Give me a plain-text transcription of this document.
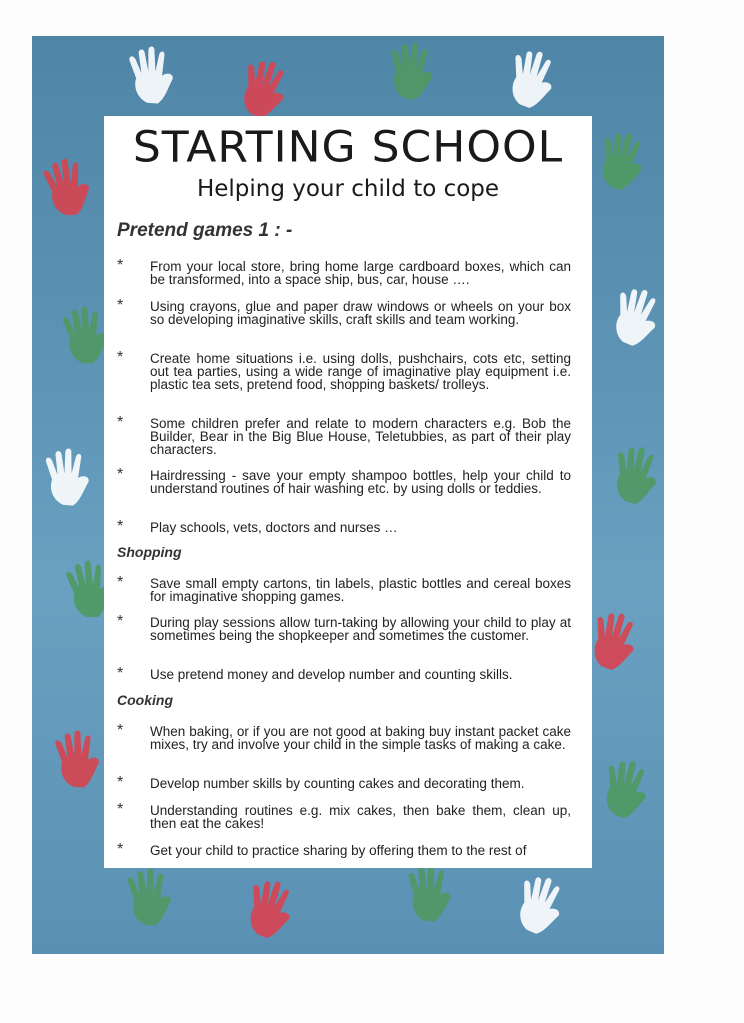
STARTING SCHOOL
Helping your child to cope
Pretend games 1 : -
* From your local store, bring home large cardboard boxes, which can be transformed, into a space ship, bus, car, house ….
* Using crayons, glue and paper draw windows or wheels on your box so developing imaginative skills, craft skills and team working.
* Create home situations i.e. using dolls, pushchairs, cots etc, setting out tea parties, using a wide range of imaginative play equipment i.e. plastic tea sets, pretend food, shopping baskets/ trolleys.
* Some children prefer and relate to modern characters e.g. Bob the Builder, Bear in the Big Blue House, Teletubbies, as part of their play characters.
* Hairdressing - save your empty shampoo bottles, help your child to understand routines of hair washing etc. by using dolls or teddies.
* Play schools, vets, doctors and nurses …
Shopping
* Save small empty cartons, tin labels, plastic bottles and cereal boxes for imaginative shopping games.
* During play sessions allow turn-taking by allowing your child to play at sometimes being the shopkeeper and sometimes the customer.
* Use pretend money and develop number and counting skills.
Cooking
* When baking, or if you are not good at baking buy instant packet cake mixes, try and involve your child in the simple tasks of making a cake.
* Develop number skills by counting cakes and decorating them.
* Understanding routines e.g. mix cakes, then bake them, clean up, then eat the cakes!
* Get your child to practice sharing by offering them to the rest of
